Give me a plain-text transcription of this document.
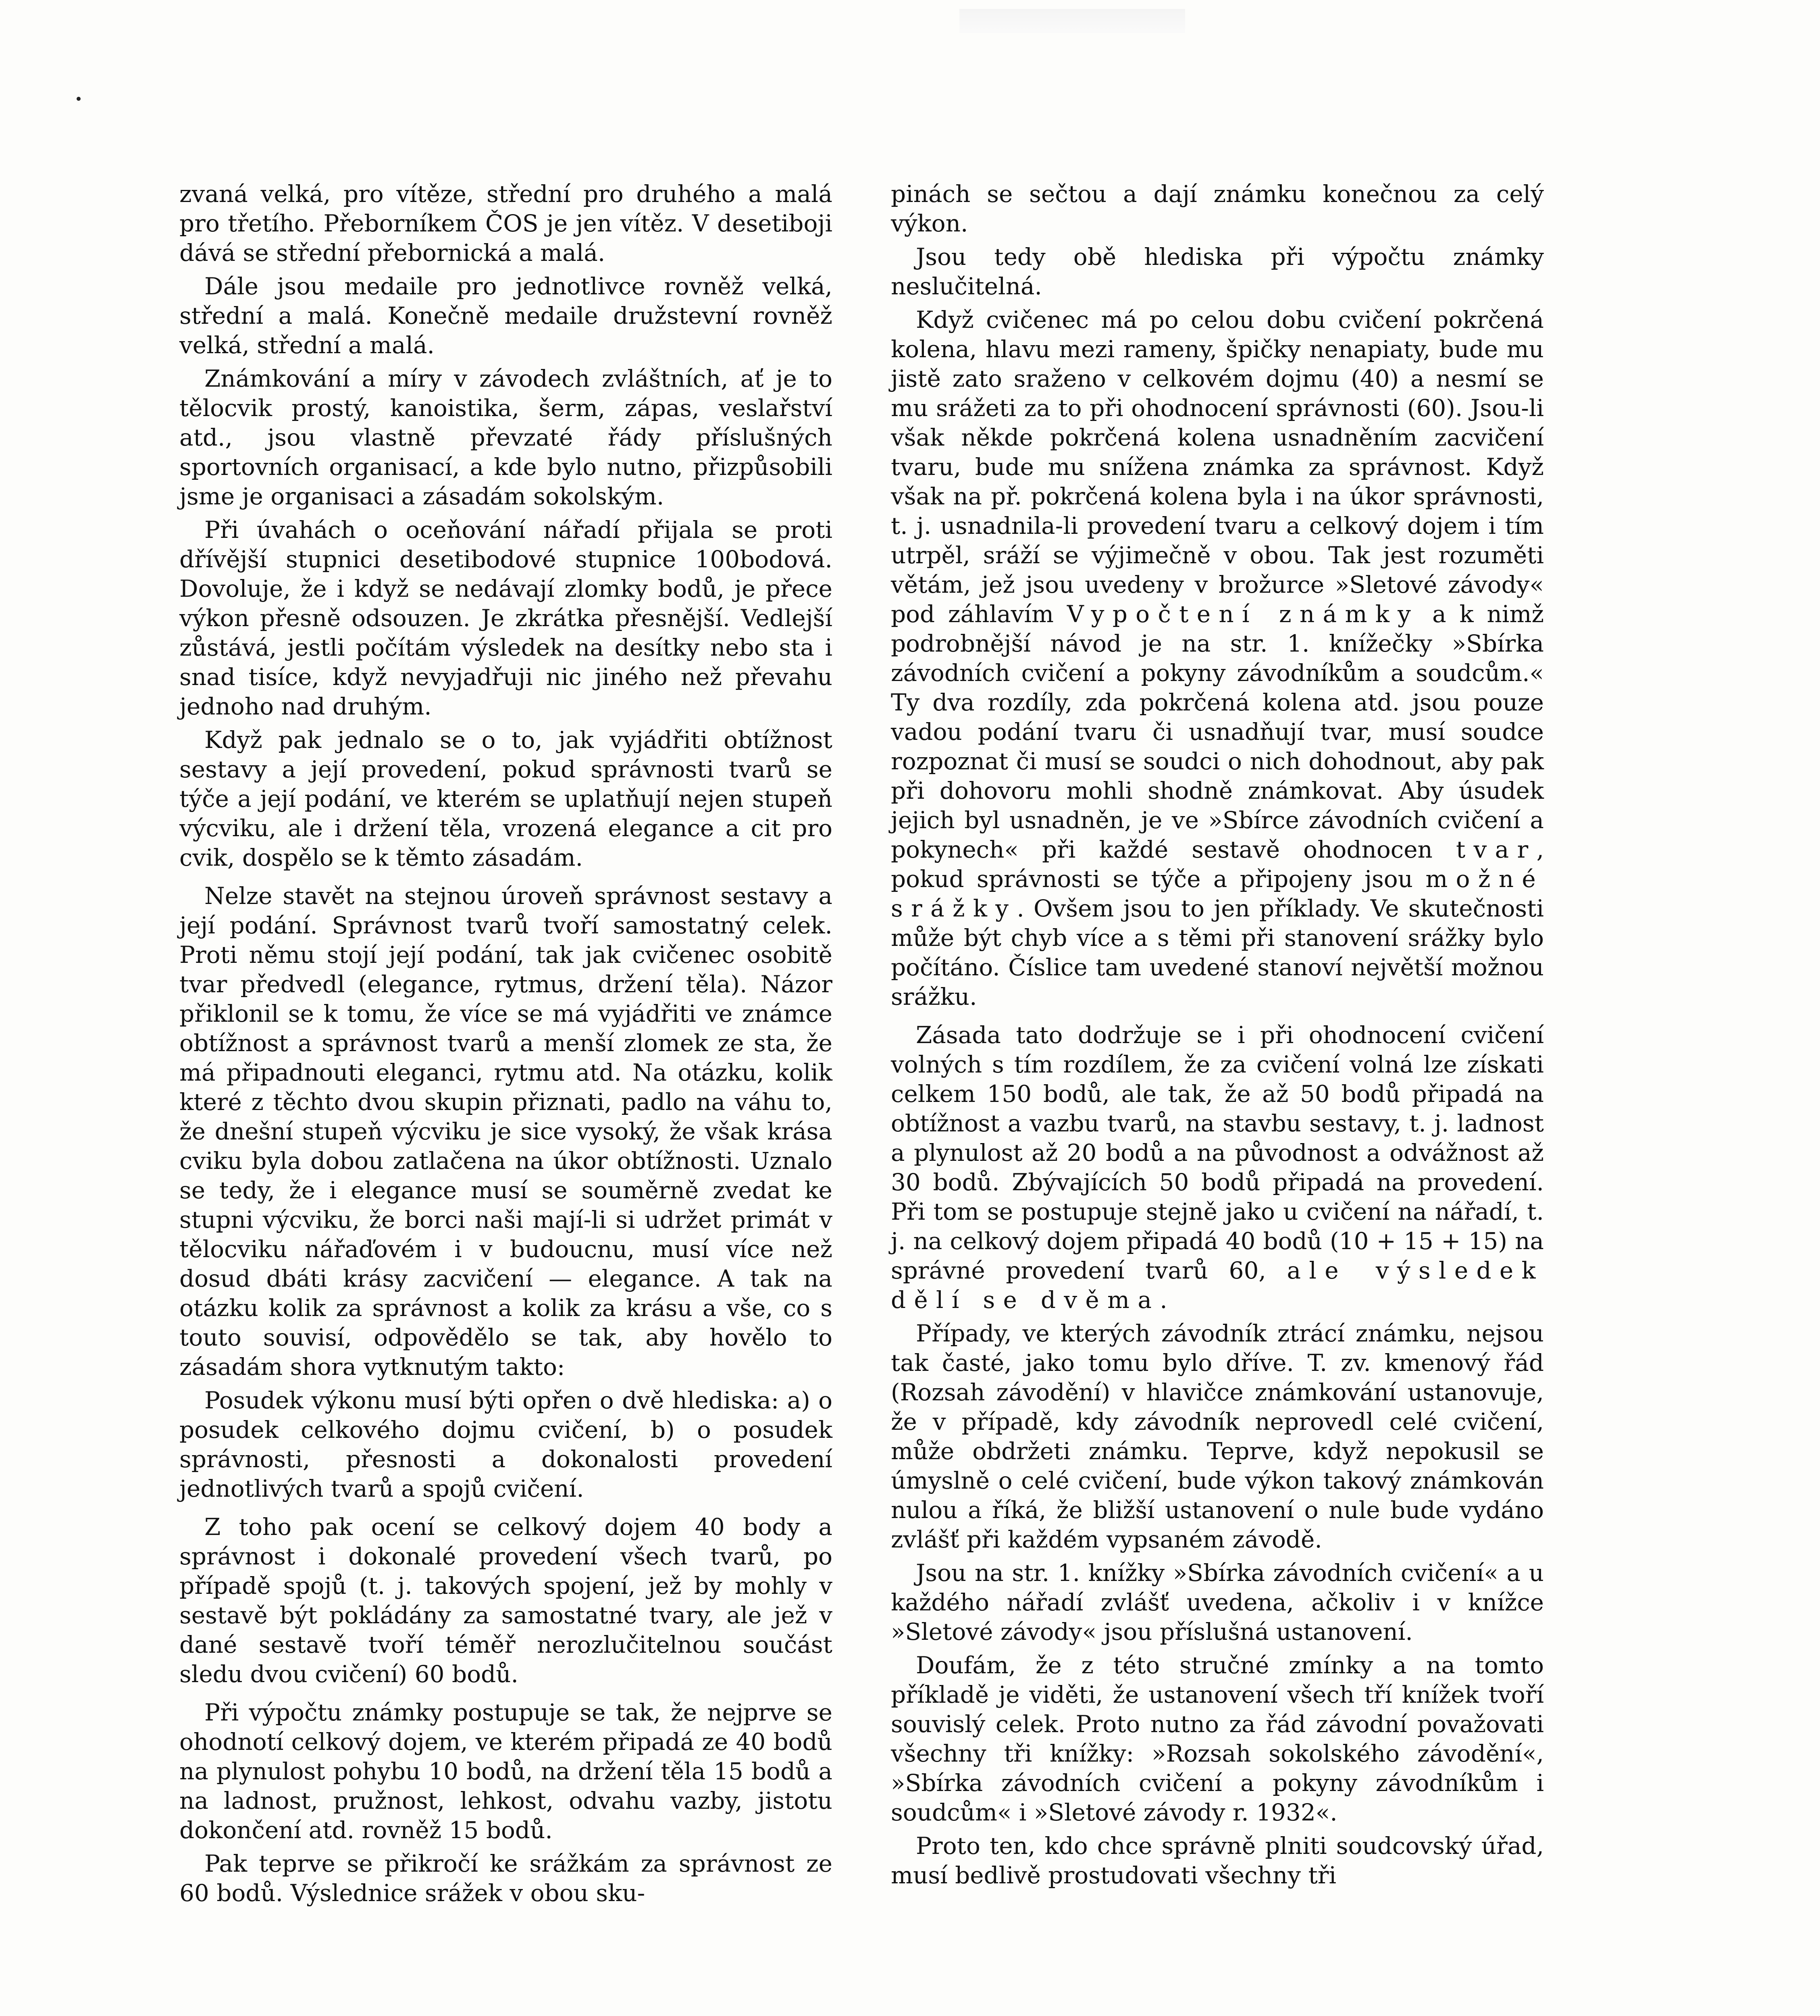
zvaná velká, pro vítěze, střední pro druhého a malá pro třetího. Přeborníkem ČOS je jen vítěz. V desetiboji dává se střední přebornická a malá.

Dále jsou medaile pro jednotlivce rovněž velká, střední a malá. Konečně medaile družstevní rovněž velká, střední a malá.

Známkování a míry v závodech zvláštních, ať je to tělocvik prostý, kanoistika, šerm, zápas, veslařství atd., jsou vlastně převzaté řády příslušných sportovních organisací, a kde bylo nutno, přizpůsobili jsme je organisaci a zásadám sokolským.

Při úvahách o oceňování nářadí přijala se proti dřívější stupnici desetibodové stupnice 100bodová. Dovoluje, že i když se nedávají zlomky bodů, je přece výkon přesně odsouzen. Je zkrátka přesnější. Vedlejší zůstává, jestli počítám výsledek na desítky nebo sta i snad tisíce, když nevyjadřuji nic jiného než převahu jednoho nad druhým.

Když pak jednalo se o to, jak vyjádřiti obtížnost sestavy a její provedení, pokud správnosti tvarů se týče a její podání, ve kterém se uplatňují nejen stupeň výcviku, ale i držení těla, vrozená elegance a cit pro cvik, dospělo se k těmto zásadám.

Nelze stavět na stejnou úroveň správnost sestavy a její podání. Správnost tvarů tvoří samostatný celek. Proti němu stojí její podání, tak jak cvičenec osobitě tvar předvedl (elegance, rytmus, držení těla). Názor přiklonil se k tomu, že více se má vyjádřiti ve známce obtížnost a správnost tvarů a menší zlomek ze sta, že má připadnouti eleganci, rytmu atd. Na otázku, kolik které z těchto dvou skupin přiznati, padlo na váhu to, že dnešní stupeň výcviku je sice vysoký, že však krása cviku byla dobou zatlačena na úkor obtížnosti. Uznalo se tedy, že i elegance musí se souměrně zvedat ke stupni výcviku, že borci naši mají-li si udržet primát v tělocviku nářaďovém i v budoucnu, musí více než dosud dbáti krásy zacvičení — elegance. A tak na otázku kolik za správnost a kolik za krásu a vše, co s touto souvisí, odpovědělo se tak, aby hovělo to zásadám shora vytknutým takto:

Posudek výkonu musí býti opřen o dvě hlediska: a) o posudek celkového dojmu cvičení, b) o posudek správnosti, přesnosti a dokonalosti provedení jednotlivých tvarů a spojů cvičení.

Z toho pak ocení se celkový dojem 40 body a správnost i dokonalé provedení všech tvarů, po případě spojů (t. j. takových spojení, jež by mohly v sestavě být pokládány za samostatné tvary, ale jež v dané sestavě tvoří téměř nerozlučitelnou součást sledu dvou cvičení) 60 bodů.

Při výpočtu známky postupuje se tak, že nejprve se ohodnotí celkový dojem, ve kterém připadá ze 40 bodů na plynulost pohybu 10 bodů, na držení těla 15 bodů a na ladnost, pružnost, lehkost, odvahu vazby, jistotu dokončení atd. rovněž 15 bodů.

Pak teprve se přikročí ke srážkám za správnost ze 60 bodů. Výslednice srážek v obou sku-

pinách se sečtou a dají známku konečnou za celý výkon.

Jsou tedy obě hlediska při výpočtu známky neslučitelná.

Když cvičenec má po celou dobu cvičení pokrčená kolena, hlavu mezi rameny, špičky nenapiaty, bude mu jistě zato sraženo v celkovém dojmu (40) a nesmí se mu srážeti za to při ohodnocení správnosti (60). Jsou-li však někde pokrčená kolena usnadněním zacvičení tvaru, bude mu snížena známka za správnost. Když však na př. pokrčená kolena byla i na úkor správnosti, t. j. usnadnila-li provedení tvaru a celkový dojem i tím utrpěl, sráží se výjimečně v obou. Tak jest rozuměti větám, jež jsou uvedeny v brožurce »Sletové závody« pod záhlavím Vypočtení známky a k nimž podrobnější návod je na str. 1. knížečky »Sbírka závodních cvičení a pokyny závodníkům a soudcům.« Ty dva rozdíly, zda pokrčená kolena atd. jsou pouze vadou podání tvaru či usnadňují tvar, musí soudce rozpoznat či musí se soudci o nich dohodnout, aby pak při dohovoru mohli shodně známkovat. Aby úsudek jejich byl usnadněn, je ve »Sbírce závodních cvičení a pokynech« při každé sestavě ohodnocen tvar, pokud správnosti se týče a připojeny jsou možné srážky. Ovšem jsou to jen příklady. Ve skutečnosti může být chyb více a s těmi při stanovení srážky bylo počítáno. Číslice tam uvedené stanoví největší možnou srážku.

Zásada tato dodržuje se i při ohodnocení cvičení volných s tím rozdílem, že za cvičení volná lze získati celkem 150 bodů, ale tak, že až 50 bodů připadá na obtížnost a vazbu tvarů, na stavbu sestavy, t. j. ladnost a plynulost až 20 bodů a na původnost a odvážnost až 30 bodů. Zbývajících 50 bodů připadá na provedení. Při tom se postupuje stejně jako u cvičení na nářadí, t. j. na celkový dojem připadá 40 bodů (10 + 15 + 15) na správné provedení tvarů 60, ale výsledek dělí se dvěma.

Případy, ve kterých závodník ztrácí známku, nejsou tak časté, jako tomu bylo dříve. T. zv. kmenový řád (Rozsah závodění) v hlavičce známkování ustanovuje, že v případě, kdy závodník neprovedl celé cvičení, může obdržeti známku. Teprve, když nepokusil se úmyslně o celé cvičení, bude výkon takový známkován nulou a říká, že bližší ustanovení o nule bude vydáno zvlášť při každém vypsaném závodě.

Jsou na str. 1. knížky »Sbírka závodních cvičení« a u každého nářadí zvlášť uvedena, ačkoliv i v knížce »Sletové závody« jsou příslušná ustanovení.

Doufám, že z této stručné zmínky a na tomto příkladě je viděti, že ustanovení všech tří knížek tvoří souvislý celek. Proto nutno za řád závodní považovati všechny tři knížky: »Rozsah sokolského závodění«, »Sbírka závodních cvičení a pokyny závodníkům i soudcům« i »Sletové závody r. 1932«.

Proto ten, kdo chce správně plniti soudcovský úřad, musí bedlivě prostudovati všechny tři
